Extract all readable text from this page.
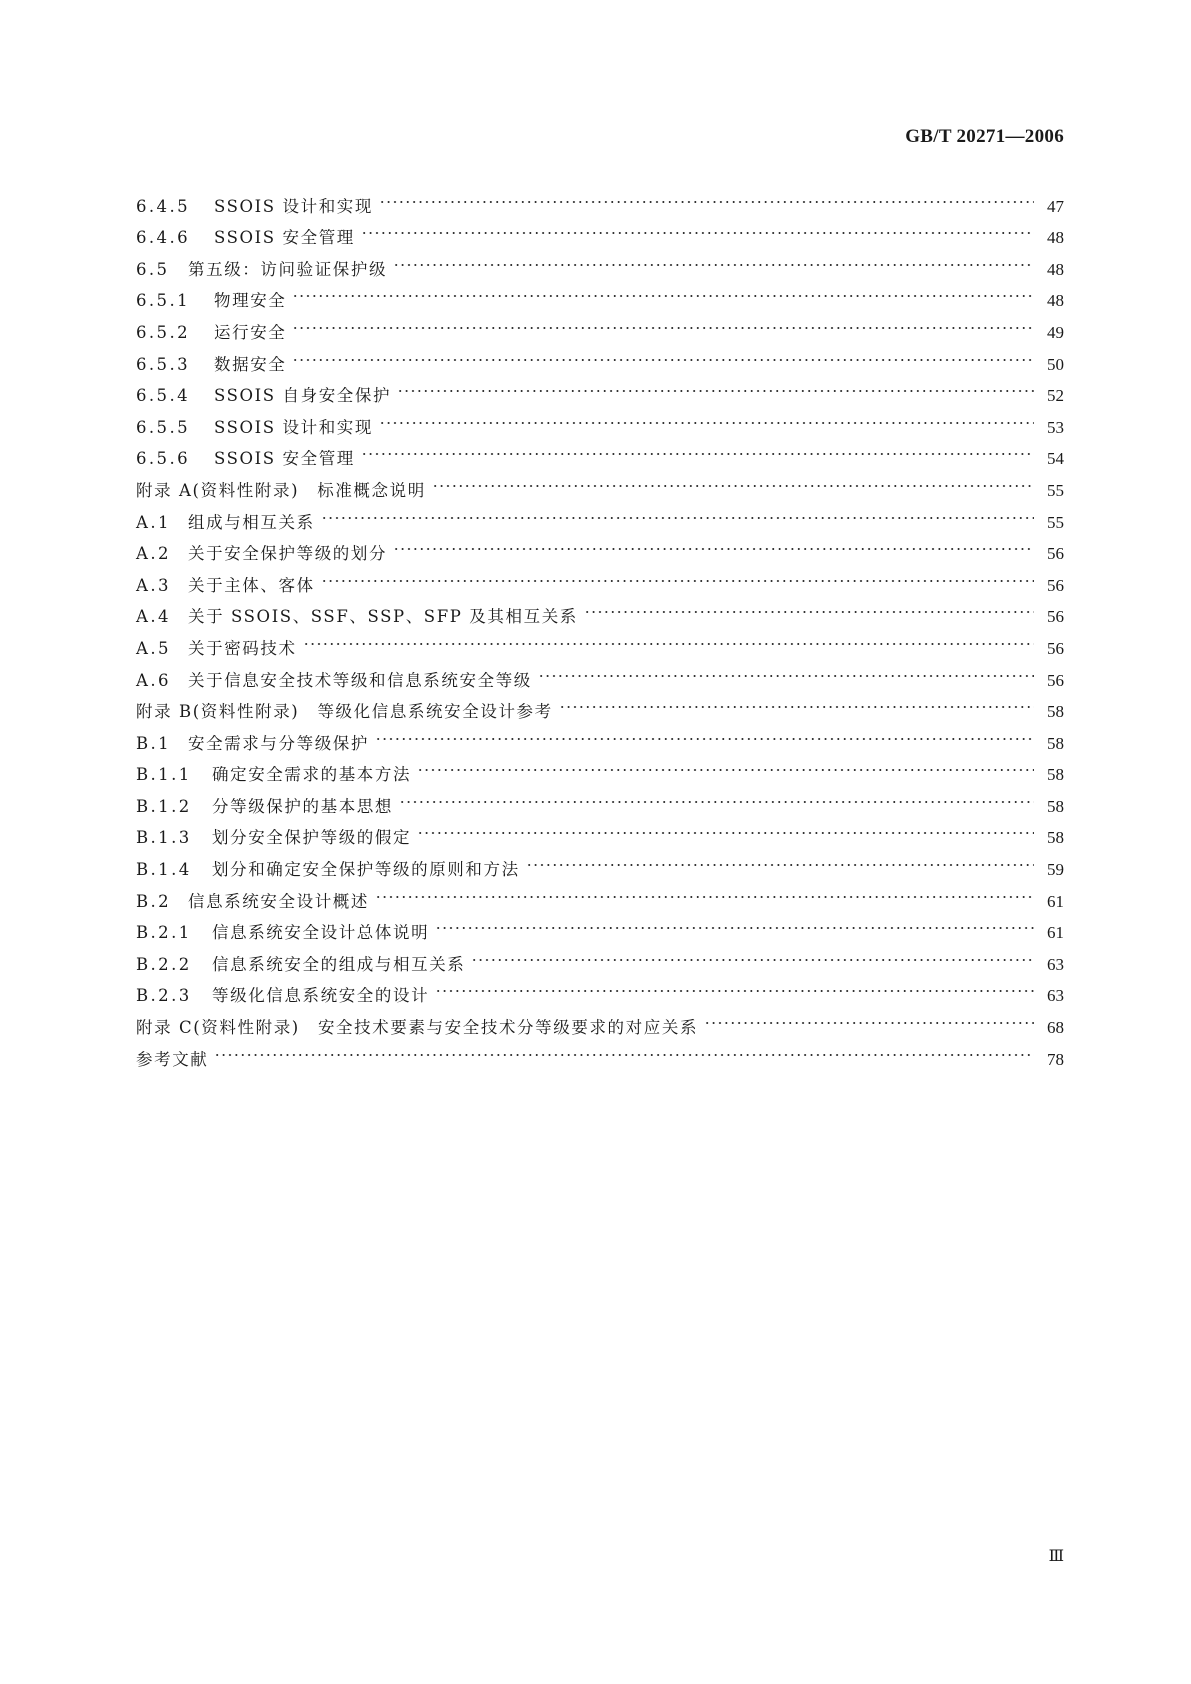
GB/T 20271—2006
6.4.5	SSOIS 设计和实现	47
6.4.6	SSOIS 安全管理	48
6.5	第五级：访问验证保护级	48
6.5.1	物理安全	48
6.5.2	运行安全	49
6.5.3	数据安全	50
6.5.4	SSOIS 自身安全保护	52
6.5.5	SSOIS 设计和实现	53
6.5.6	SSOIS 安全管理	54
附录 A(资料性附录)　标准概念说明	55
A.1	组成与相互关系	55
A.2	关于安全保护等级的划分	56
A.3	关于主体、客体	56
A.4	关于 SSOIS、SSF、SSP、SFP 及其相互关系	56
A.5	关于密码技术	56
A.6	关于信息安全技术等级和信息系统安全等级	56
附录 B(资料性附录)　等级化信息系统安全设计参考	58
B.1	安全需求与分等级保护	58
B.1.1	确定安全需求的基本方法	58
B.1.2	分等级保护的基本思想	58
B.1.3	划分安全保护等级的假定	58
B.1.4	划分和确定安全保护等级的原则和方法	59
B.2	信息系统安全设计概述	61
B.2.1	信息系统安全设计总体说明	61
B.2.2	信息系统安全的组成与相互关系	63
B.2.3	等级化信息系统安全的设计	63
附录 C(资料性附录)　安全技术要素与安全技术分等级要求的对应关系	68
参考文献	78
Ⅲ
